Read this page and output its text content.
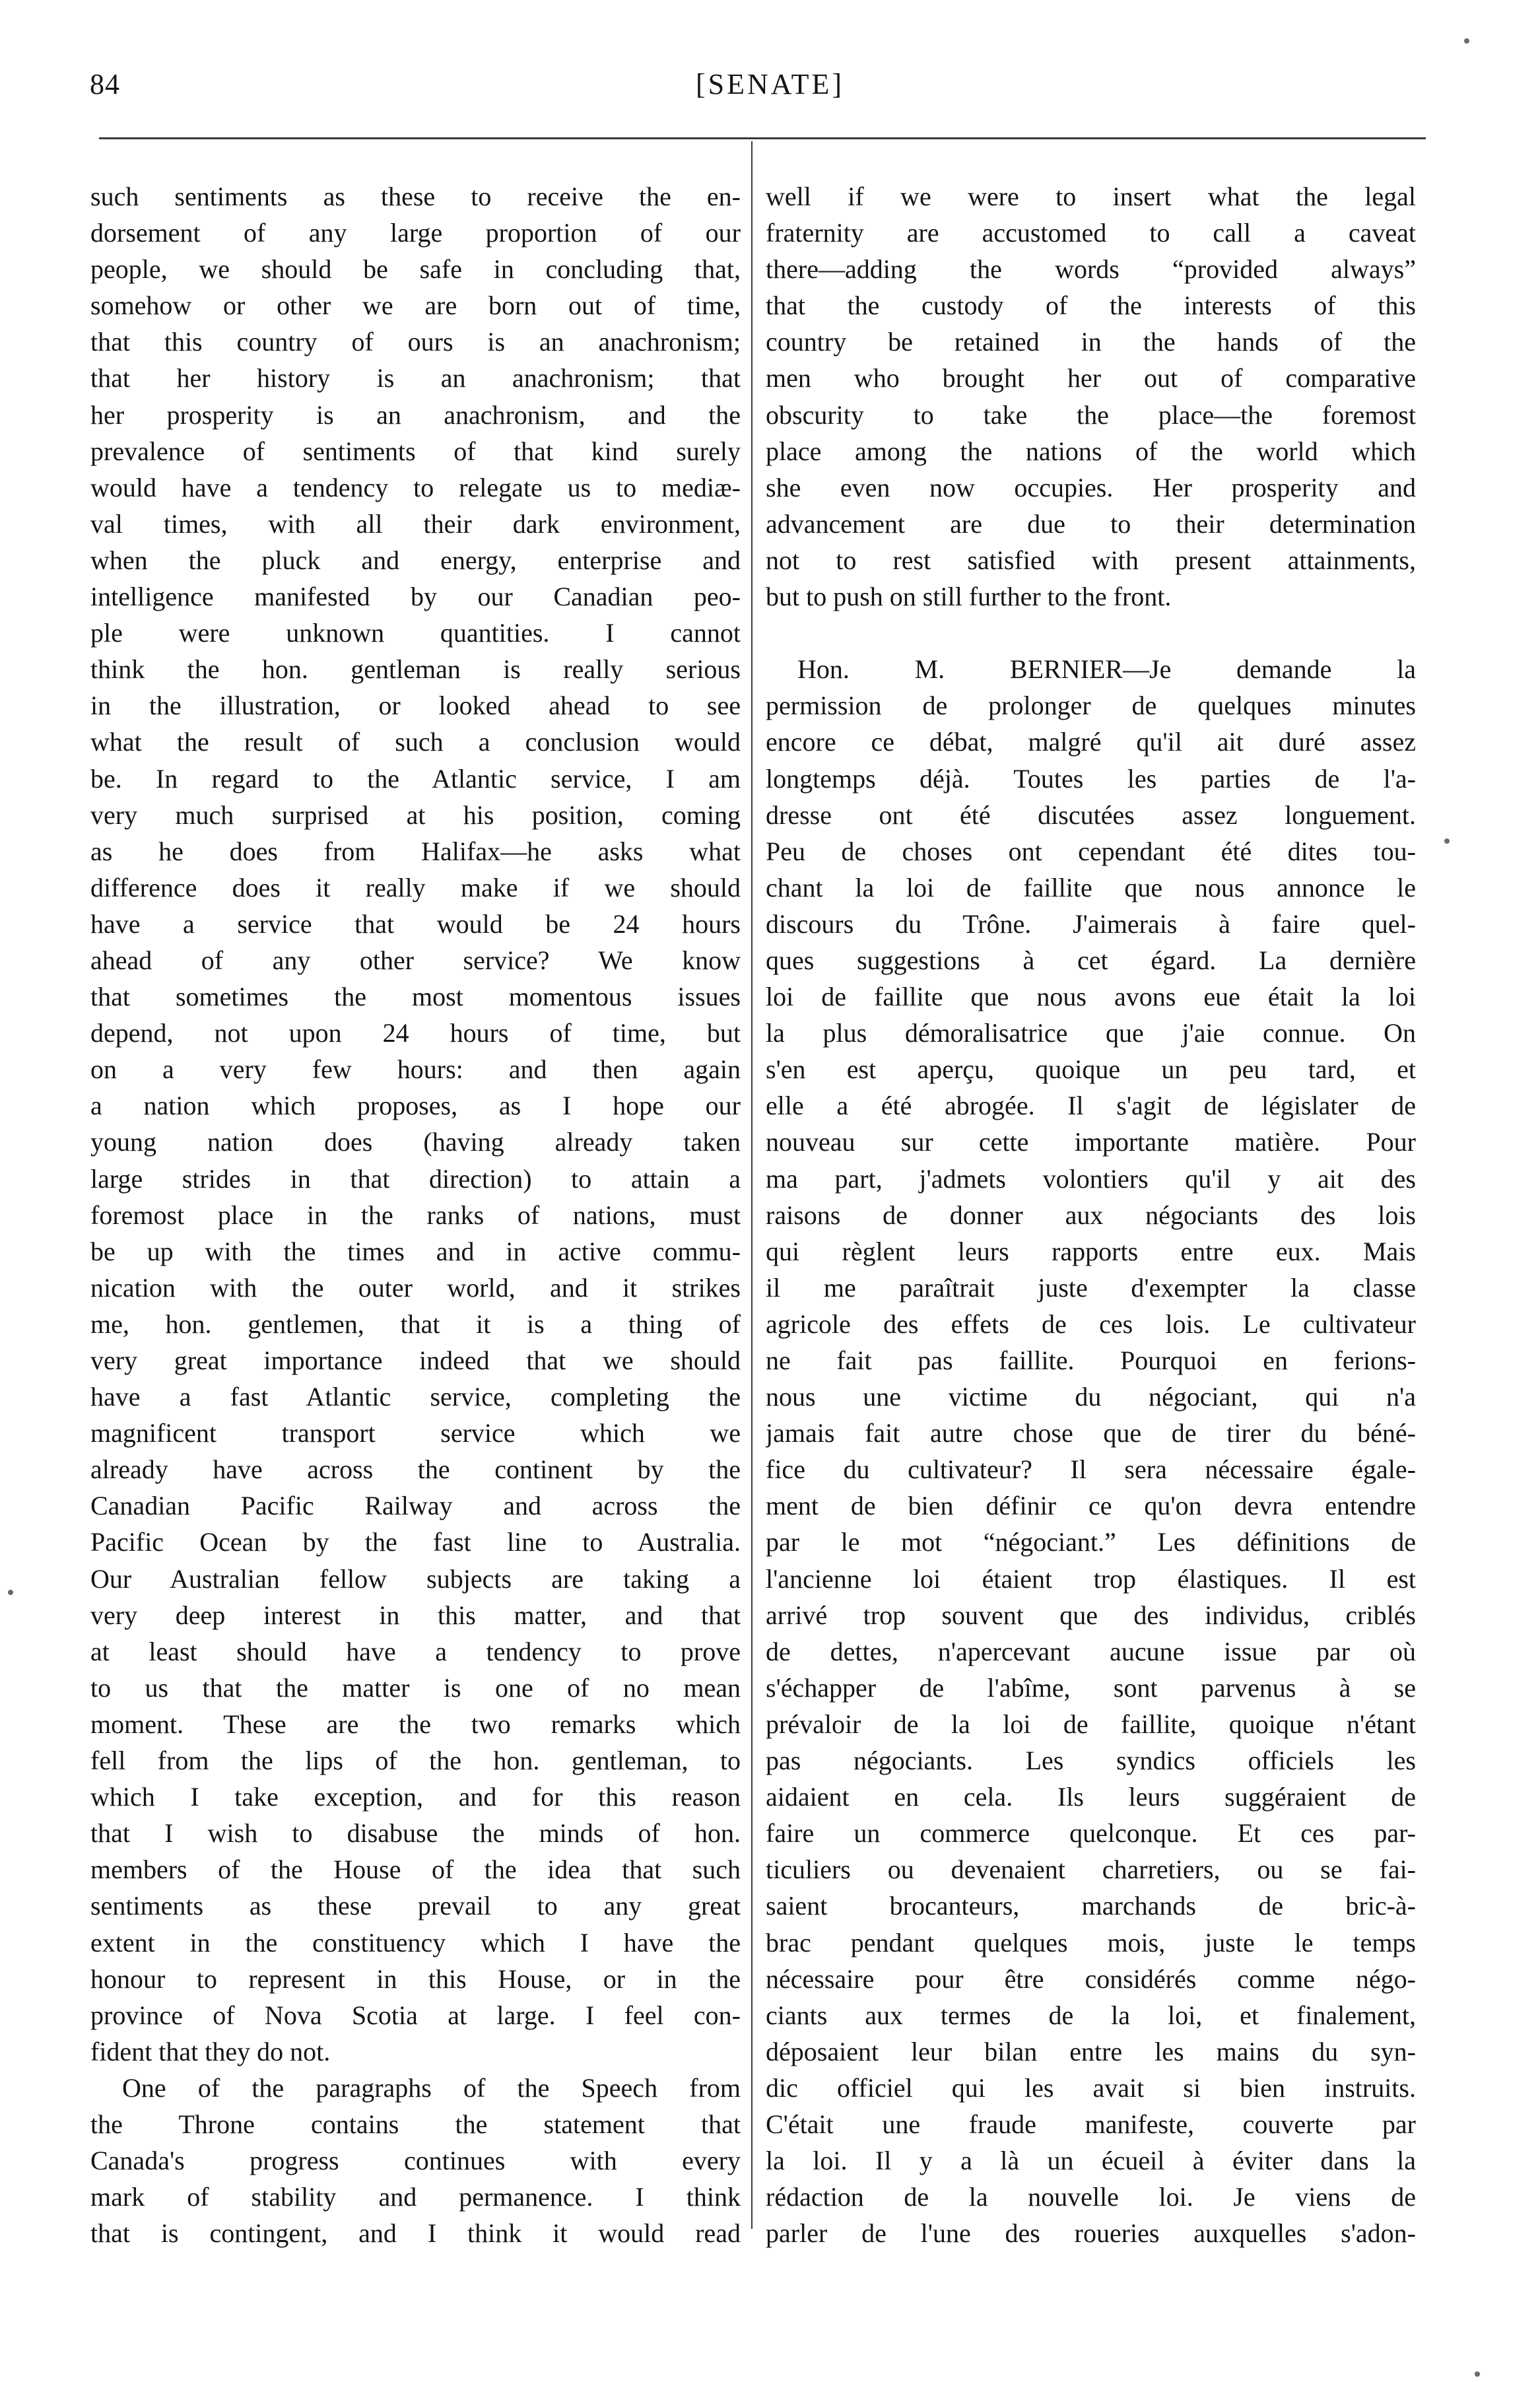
84	[SENATE]
such sentiments as these to receive the en-
dorsement of any large proportion of our
people, we should be safe in concluding that,
somehow or other we are born out of time,
that this country of ours is an anachronism;
that her history is an anachronism; that
her prosperity is an anachronism, and the
prevalence of sentiments of that kind surely
would have a tendency to relegate us to mediæ-
val times, with all their dark environment,
when the pluck and energy, enterprise and
intelligence manifested by our Canadian peo-
ple were unknown quantities. I cannot
think the hon. gentleman is really serious
in the illustration, or looked ahead to see
what the result of such a conclusion would
be. In regard to the Atlantic service, I am
very much surprised at his position, coming
as he does from Halifax—he asks what
difference does it really make if we should
have a service that would be 24 hours
ahead of any other service? We know
that sometimes the most momentous issues
depend, not upon 24 hours of time, but
on a very few hours: and then again
a nation which proposes, as I hope our
young nation does (having already taken
large strides in that direction) to attain a
foremost place in the ranks of nations, must
be up with the times and in active commu-
nication with the outer world, and it strikes
me, hon. gentlemen, that it is a thing of
very great importance indeed that we should
have a fast Atlantic service, completing the
magnificent transport service which we
already have across the continent by the
Canadian Pacific Railway and across the
Pacific Ocean by the fast line to Australia.
Our Australian fellow subjects are taking a
very deep interest in this matter, and that
at least should have a tendency to prove
to us that the matter is one of no mean
moment. These are the two remarks which
fell from the lips of the hon. gentleman, to
which I take exception, and for this reason
that I wish to disabuse the minds of hon.
members of the House of the idea that such
sentiments as these prevail to any great
extent in the constituency which I have the
honour to represent in this House, or in the
province of Nova Scotia at large. I feel con-
fident that they do not.
One of the paragraphs of the Speech from
the Throne contains the statement that
Canada's progress continues with every
mark of stability and permanence. I think
that is contingent, and I think it would read
well if we were to insert what the legal
fraternity are accustomed to call a caveat
there—adding the words “provided always”
that the custody of the interests of this
country be retained in the hands of the
men who brought her out of comparative
obscurity to take the place—the foremost
place among the nations of the world which
she even now occupies. Her prosperity and
advancement are due to their determination
not to rest satisfied with present attainments,
but to push on still further to the front.
Hon. M. BERNIER—Je demande la
permission de prolonger de quelques minutes
encore ce débat, malgré qu'il ait duré assez
longtemps déjà. Toutes les parties de l'a-
dresse ont été discutées assez longuement.
Peu de choses ont cependant été dites tou-
chant la loi de faillite que nous annonce le
discours du Trône. J'aimerais à faire quel-
ques suggestions à cet égard. La dernière
loi de faillite que nous avons eue était la loi
la plus démoralisatrice que j'aie connue. On
s'en est aperçu, quoique un peu tard, et
elle a été abrogée. Il s'agit de législater de
nouveau sur cette importante matière. Pour
ma part, j'admets volontiers qu'il y ait des
raisons de donner aux négociants des lois
qui règlent leurs rapports entre eux. Mais
il me paraîtrait juste d'exempter la classe
agricole des effets de ces lois. Le cultivateur
ne fait pas faillite. Pourquoi en ferions-
nous une victime du négociant, qui n'a
jamais fait autre chose que de tirer du béné-
fice du cultivateur? Il sera nécessaire égale-
ment de bien définir ce qu'on devra entendre
par le mot “négociant.” Les définitions de
l'ancienne loi étaient trop élastiques. Il est
arrivé trop souvent que des individus, criblés
de dettes, n'apercevant aucune issue par où
s'échapper de l'abîme, sont parvenus à se
prévaloir de la loi de faillite, quoique n'étant
pas négociants. Les syndics officiels les
aidaient en cela. Ils leurs suggéraient de
faire un commerce quelconque. Et ces par-
ticuliers ou devenaient charretiers, ou se fai-
saient brocanteurs, marchands de bric-à-
brac pendant quelques mois, juste le temps
nécessaire pour être considérés comme négo-
ciants aux termes de la loi, et finalement,
déposaient leur bilan entre les mains du syn-
dic officiel qui les avait si bien instruits.
C'était une fraude manifeste, couverte par
la loi. Il y a là un écueil à éviter dans la
rédaction de la nouvelle loi. Je viens de
parler de l'une des roueries auxquelles s'adon-
